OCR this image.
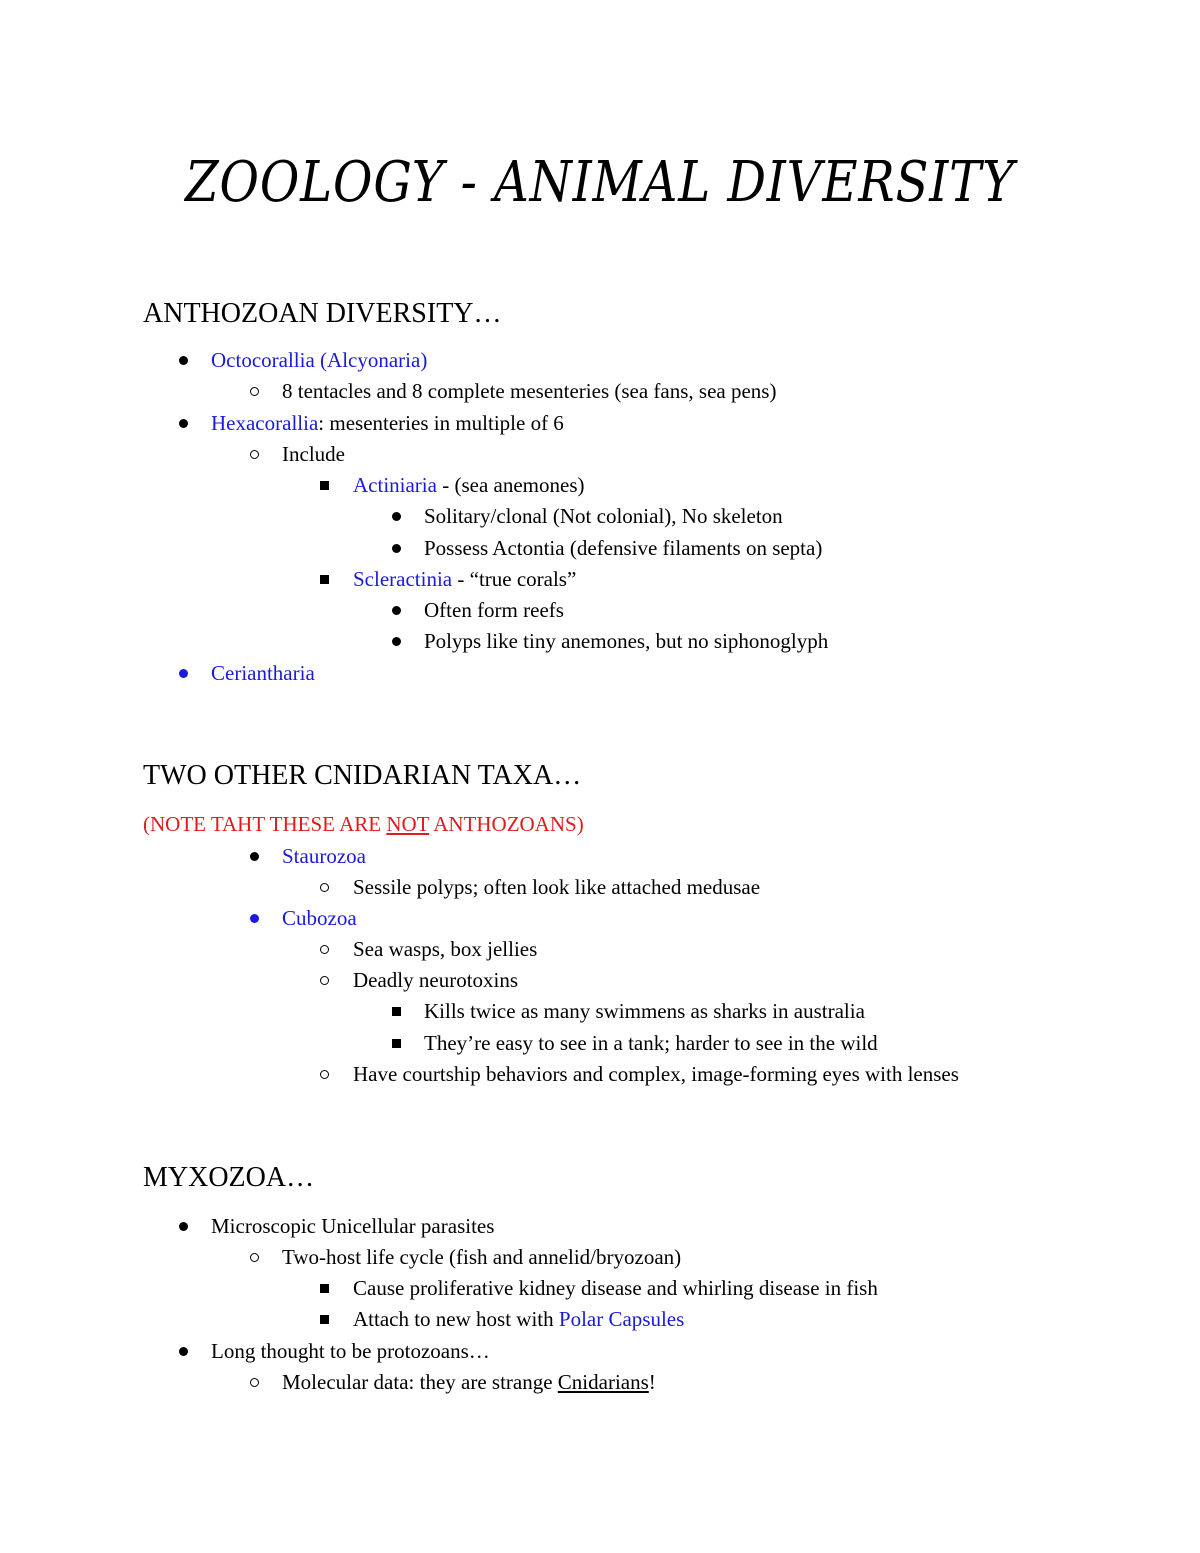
ZOOLOGY - ANIMAL DIVERSITY
ANTHOZOAN DIVERSITY…
Octocorallia (Alcyonaria)
8 tentacles and 8 complete mesenteries (sea fans, sea pens)
Hexacorallia: mesenteries in multiple of 6
Include
Actiniaria - (sea anemones)
Solitary/clonal (Not colonial), No skeleton
Possess Actontia (defensive filaments on septa)
Scleractinia - “true corals”
Often form reefs
Polyps like tiny anemones, but no siphonoglyph
Ceriantharia
TWO OTHER CNIDARIAN TAXA…
(NOTE TAHT THESE ARE NOT ANTHOZOANS)
Staurozoa
Sessile polyps; often look like attached medusae
Cubozoa
Sea wasps, box jellies
Deadly neurotoxins
Kills twice as many swimmens as sharks in australia
They’re easy to see in a tank; harder to see in the wild
Have courtship behaviors and complex, image-forming eyes with lenses
MYXOZOA…
Microscopic Unicellular parasites
Two-host life cycle (fish and annelid/bryozoan)
Cause proliferative kidney disease and whirling disease in fish
Attach to new host with Polar Capsules
Long thought to be protozoans…
Molecular data: they are strange Cnidarians!
